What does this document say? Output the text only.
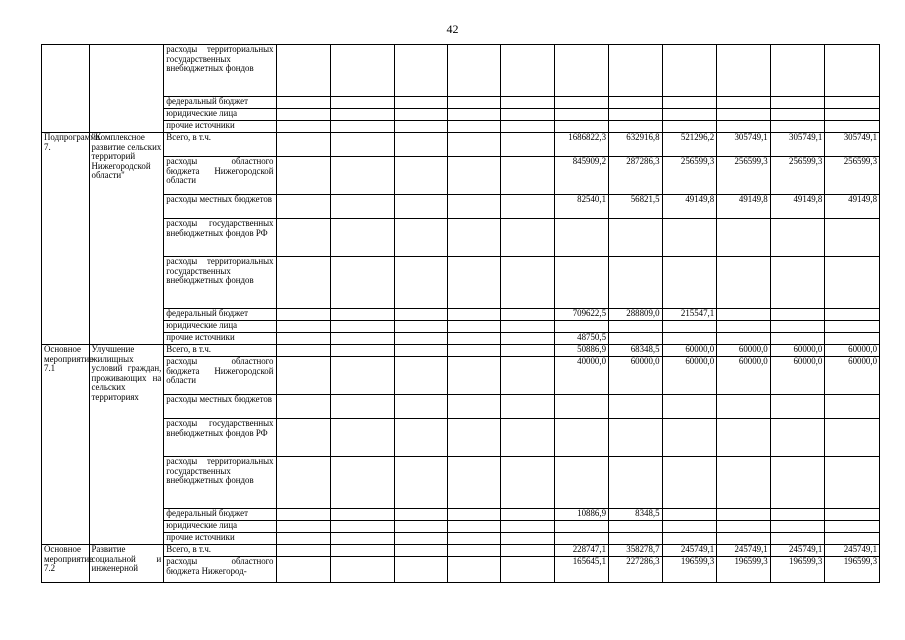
42
		расходы территориальных государственных внебюджетных фондов											
		федеральный бюджет											
		юридические лица											
		прочие источники											
Подпрограмма 7.	"Комплексное развитие сельских территорий Нижегородской области"	Всего, в т.ч.						1686822,3	632916,8	521296,2	305749,1	305749,1	305749,1
		расходы областного бюджета Нижегородской области						845909,2	287286,3	256599,3	256599,3	256599,3	256599,3
		расходы местных бюджетов						82540,1	56821,5	49149,8	49149,8	49149,8	49149,8
		расходы государственных внебюджетных фондов РФ											
		расходы территориальных государственных внебюджетных фондов											
		федеральный бюджет						709622,5	288809,0	215547,1			
		юридические лица											
		прочие источники						48750,5					
Основное мероприятие 7.1	Улучшение жилищных условий граждан, проживающих на сельских территориях	Всего, в т.ч.						50886,9	68348,5	60000,0	60000,0	60000,0	60000,0
		расходы областного бюджета Нижегородской области						40000,0	60000,0	60000,0	60000,0	60000,0	60000,0
		расходы местных бюджетов											
		расходы государственных внебюджетных фондов РФ											
		расходы территориальных государственных внебюджетных фондов											
		федеральный бюджет						10886,9	8348,5				
		юридические лица											
		прочие источники											
Основное мероприятие 7.2	Развитие социальной и инженерной	Всего, в т.ч.						228747,1	358278,7	245749,1	245749,1	245749,1	245749,1
		расходы областного бюджета Нижегород-						165645,1	227286,3	196599,3	196599,3	196599,3	196599,3
